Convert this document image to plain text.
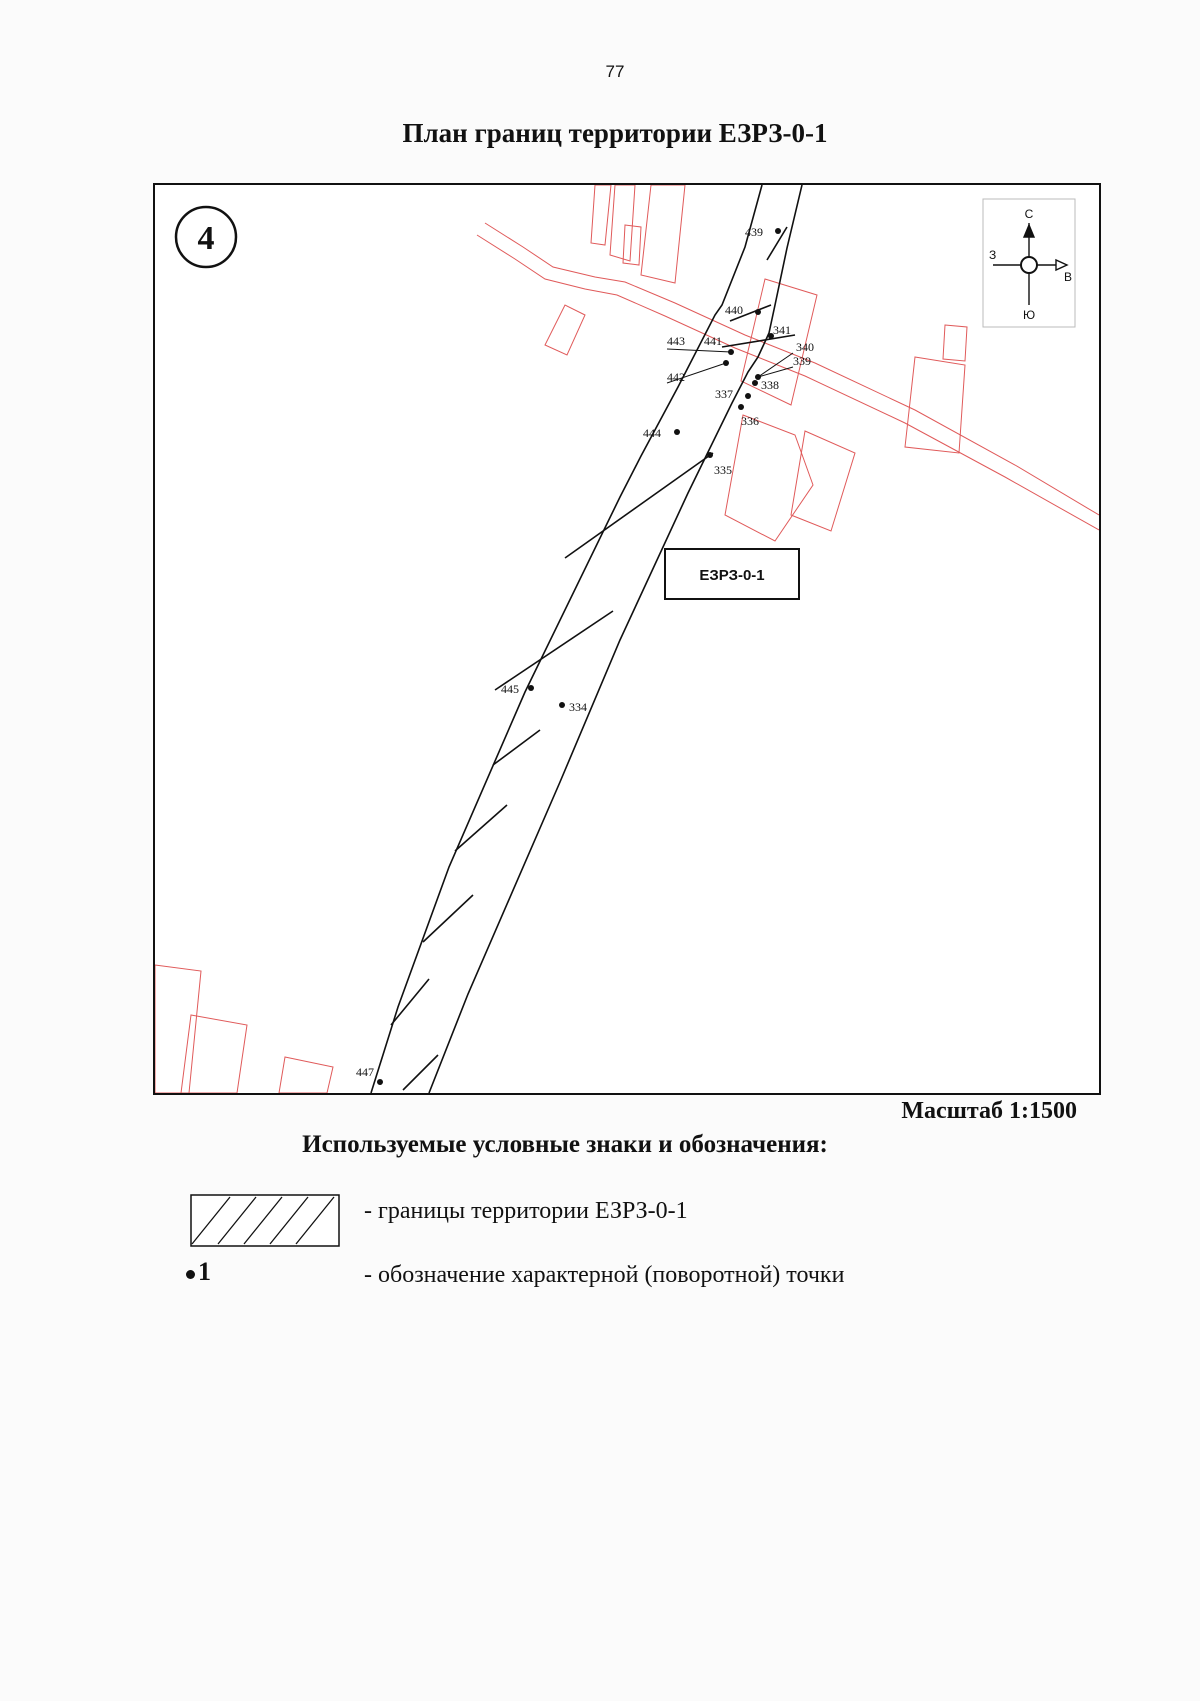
77
План границ территории ЕЗРЗ-0-1
439
440
341
443 441	340
339
442
338
337
336
444
335
445
334
447
4
ЕЗРЗ-0-1
С
Ю
З
В
Масштаб 1:1500
Используемые условные знаки и обозначения:
- границы территории ЕЗРЗ-0-1
1	- обозначение характерной (поворотной) точки
